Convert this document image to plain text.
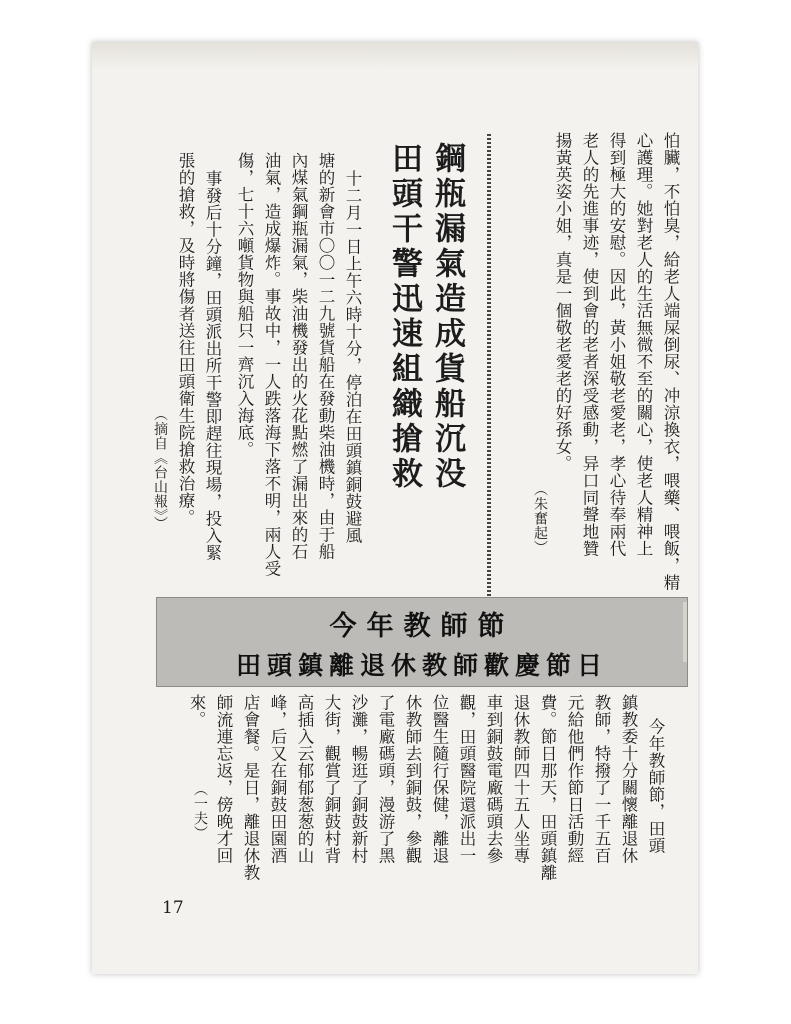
怕臟，不怕臭，給老人端屎倒尿、冲涼換衣，喂藥、喂飯，精
心護理。她對老人的生活無微不至的關心，使老人精神上
得到極大的安慰。因此，黃小姐敬老愛老，孝心待奉兩代
老人的先進事迹，使到會的老者深受感動，异口同聲地贊
揚黃英姿小姐，真是一個敬老愛老的好孫女。
（朱奮起）
鋼瓶漏氣造成貨船沉没
田頭干警迅速組織搶救
十二月一日上午六時十分，停泊在田頭鎮銅鼓避風
塘的新會市〇〇一二九號貨船在發動柴油機時，由于船
內煤氣鋼瓶漏氣，柴油機發出的火花點燃了漏出來的石
油氣，造成爆炸。事故中，一人跌落海下落不明，兩人受
傷，七十六噸貨物與船只一齊沉入海底。
事發后十分鐘，田頭派出所干警即趕往現場，投入緊
張的搶救，及時將傷者送往田頭衛生院搶救治療。
（摘自《台山報》）
今年教師節
田頭鎮離退休教師歡慶節日
今年教師節，田頭
鎮教委十分關懷離退休
教師，特撥了一千五百
元給他們作節日活動經
費。節日那天，田頭鎮離
退休教師四十五人坐專
車到銅鼓電廠碼頭去參
觀，田頭醫院還派出一
位醫生隨行保健，離退
休教師去到銅鼓，參觀
了電廠碼頭，漫游了黑
沙灘，暢逛了銅鼓新村
大街，觀賞了銅鼓村背
高插入云郁郁葱葱的山
峰，后又在銅鼓田園酒
店會餐。是日，離退休教
師流連忘返，傍晚才回
來。
（一夫）
17
